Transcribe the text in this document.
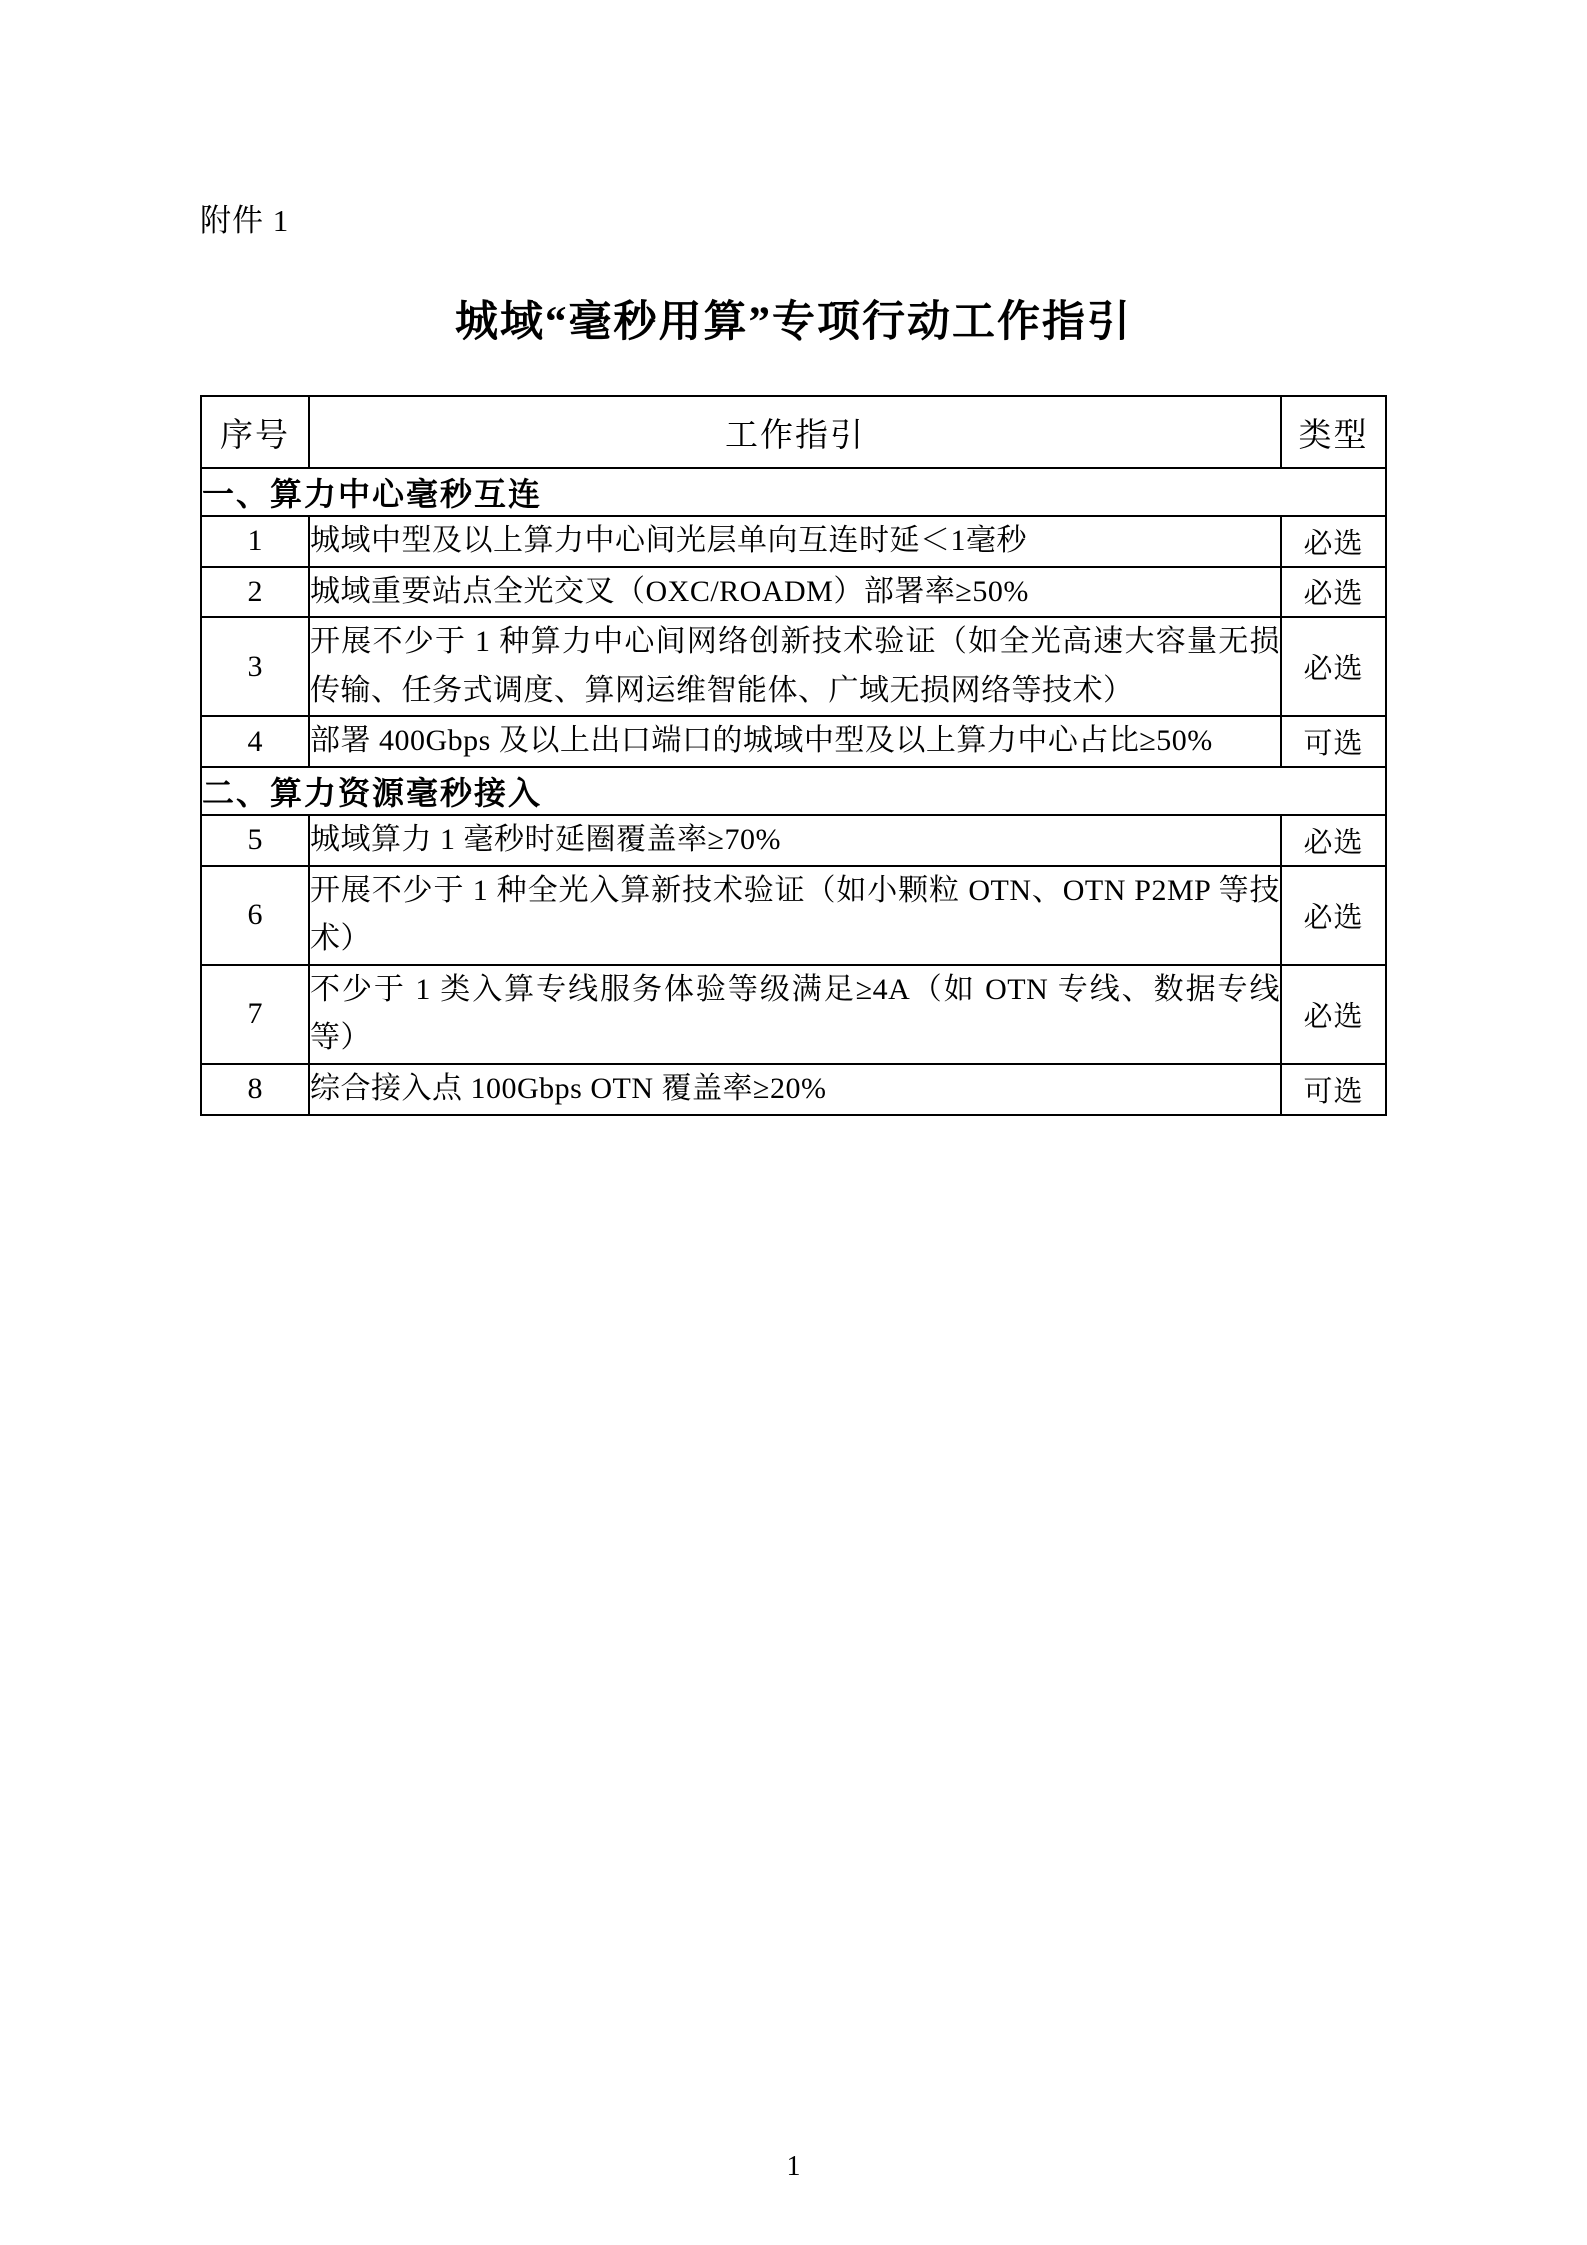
附件 1
城域“毫秒用算”专项行动工作指引
序号	工作指引	类型
一、算力中心毫秒互连		
1	城域中型及以上算力中心间光层单向互连时延＜1毫秒	必选
2	城域重要站点全光交叉（OXC/ROADM）部署率≥50%	必选
3	开展不少于 1 种算力中心间网络创新技术验证（如全光高速大容量无损传输、任务式调度、算网运维智能体、广域无损网络等技术）	必选
4	部署 400Gbps 及以上出口端口的城域中型及以上算力中心占比≥50%	可选
二、算力资源毫秒接入		
5	城域算力 1 毫秒时延圈覆盖率≥70%	必选
6	开展不少于 1 种全光入算新技术验证（如小颗粒 OTN、OTN P2MP 等技术）	必选
7	不少于 1 类入算专线服务体验等级满足≥4A（如 OTN 专线、数据专线等）	必选
8	综合接入点 100Gbps OTN 覆盖率≥20%	可选
1
